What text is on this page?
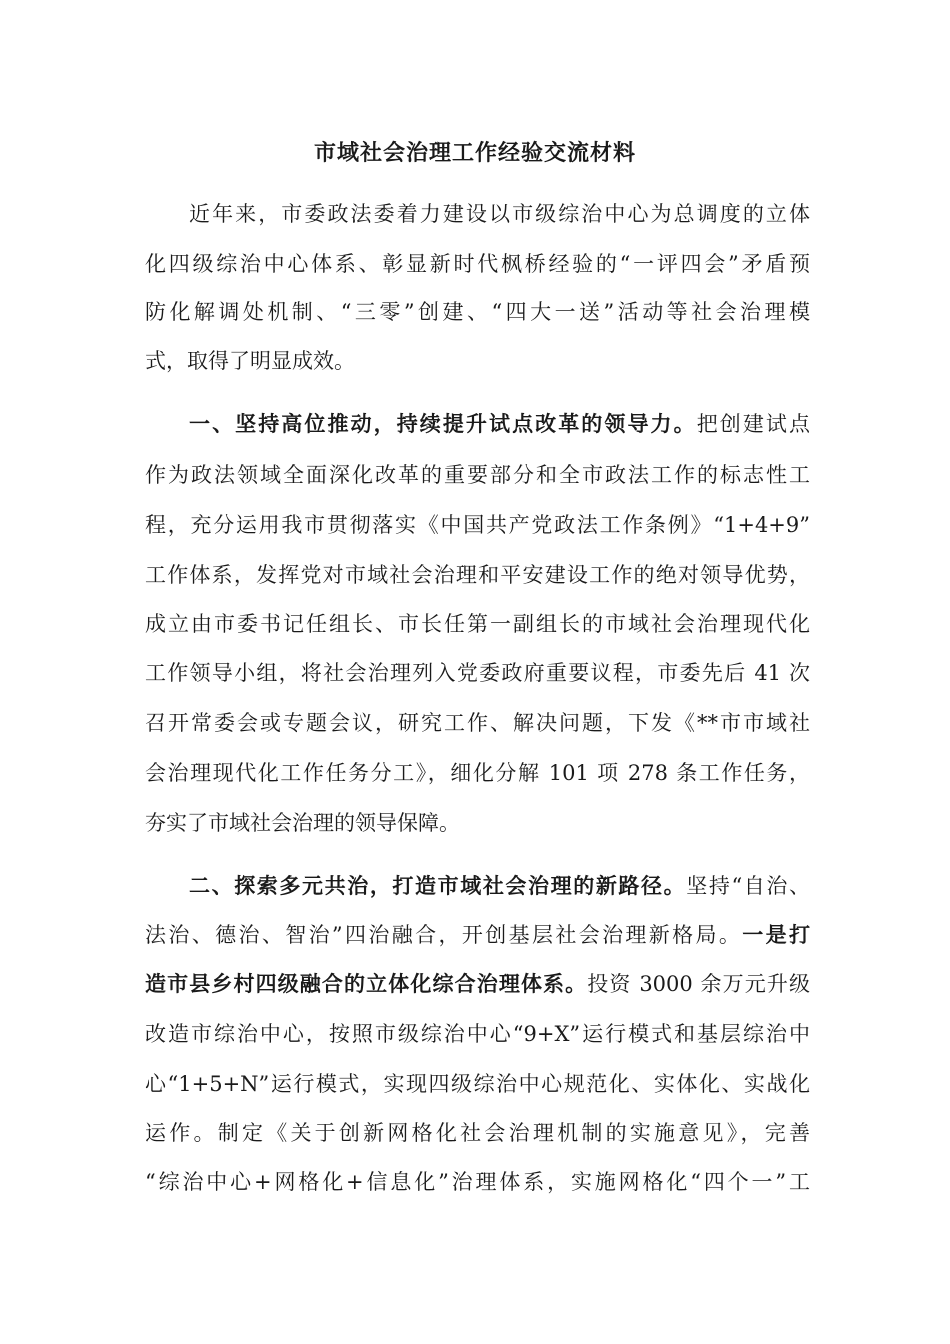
市域社会治理工作经验交流材料

近年来，市委政法委着力建设以市级综治中心为总调度的立体

化四级综治中心体系、彰显新时代枫桥经验的“一评四会”矛盾预

防化解调处机制、“三零”创建、“四大一送”活动等社会治理模

式，取得了明显成效。

一、坚持高位推动，持续提升试点改革的领导力。把创建试点

作为政法领域全面深化改革的重要部分和全市政法工作的标志性工

程，充分运用我市贯彻落实《中国共产党政法工作条例》“1+4+9”

工作体系，发挥党对市域社会治理和平安建设工作的绝对领导优势，

成立由市委书记任组长、市长任第一副组长的市域社会治理现代化

工作领导小组，将社会治理列入党委政府重要议程，市委先后 41 次

召开常委会或专题会议，研究工作、解决问题，下发《**市市域社

会治理现代化工作任务分工》，细化分解 101 项 278 条工作任务，

夯实了市域社会治理的领导保障。

二、探索多元共治，打造市域社会治理的新路径。坚持“自治、

法治、德治、智治”四治融合，开创基层社会治理新格局。一是打

造市县乡村四级融合的立体化综合治理体系。投资 3000 余万元升级

改造市综治中心，按照市级综治中心“9+X”运行模式和基层综治中

心“1+5+N”运行模式，实现四级综治中心规范化、实体化、实战化

运作。制定《关于创新网格化社会治理机制的实施意见》，完善

“综治中心+网格化+信息化”治理体系，实施网格化“四个一”工
